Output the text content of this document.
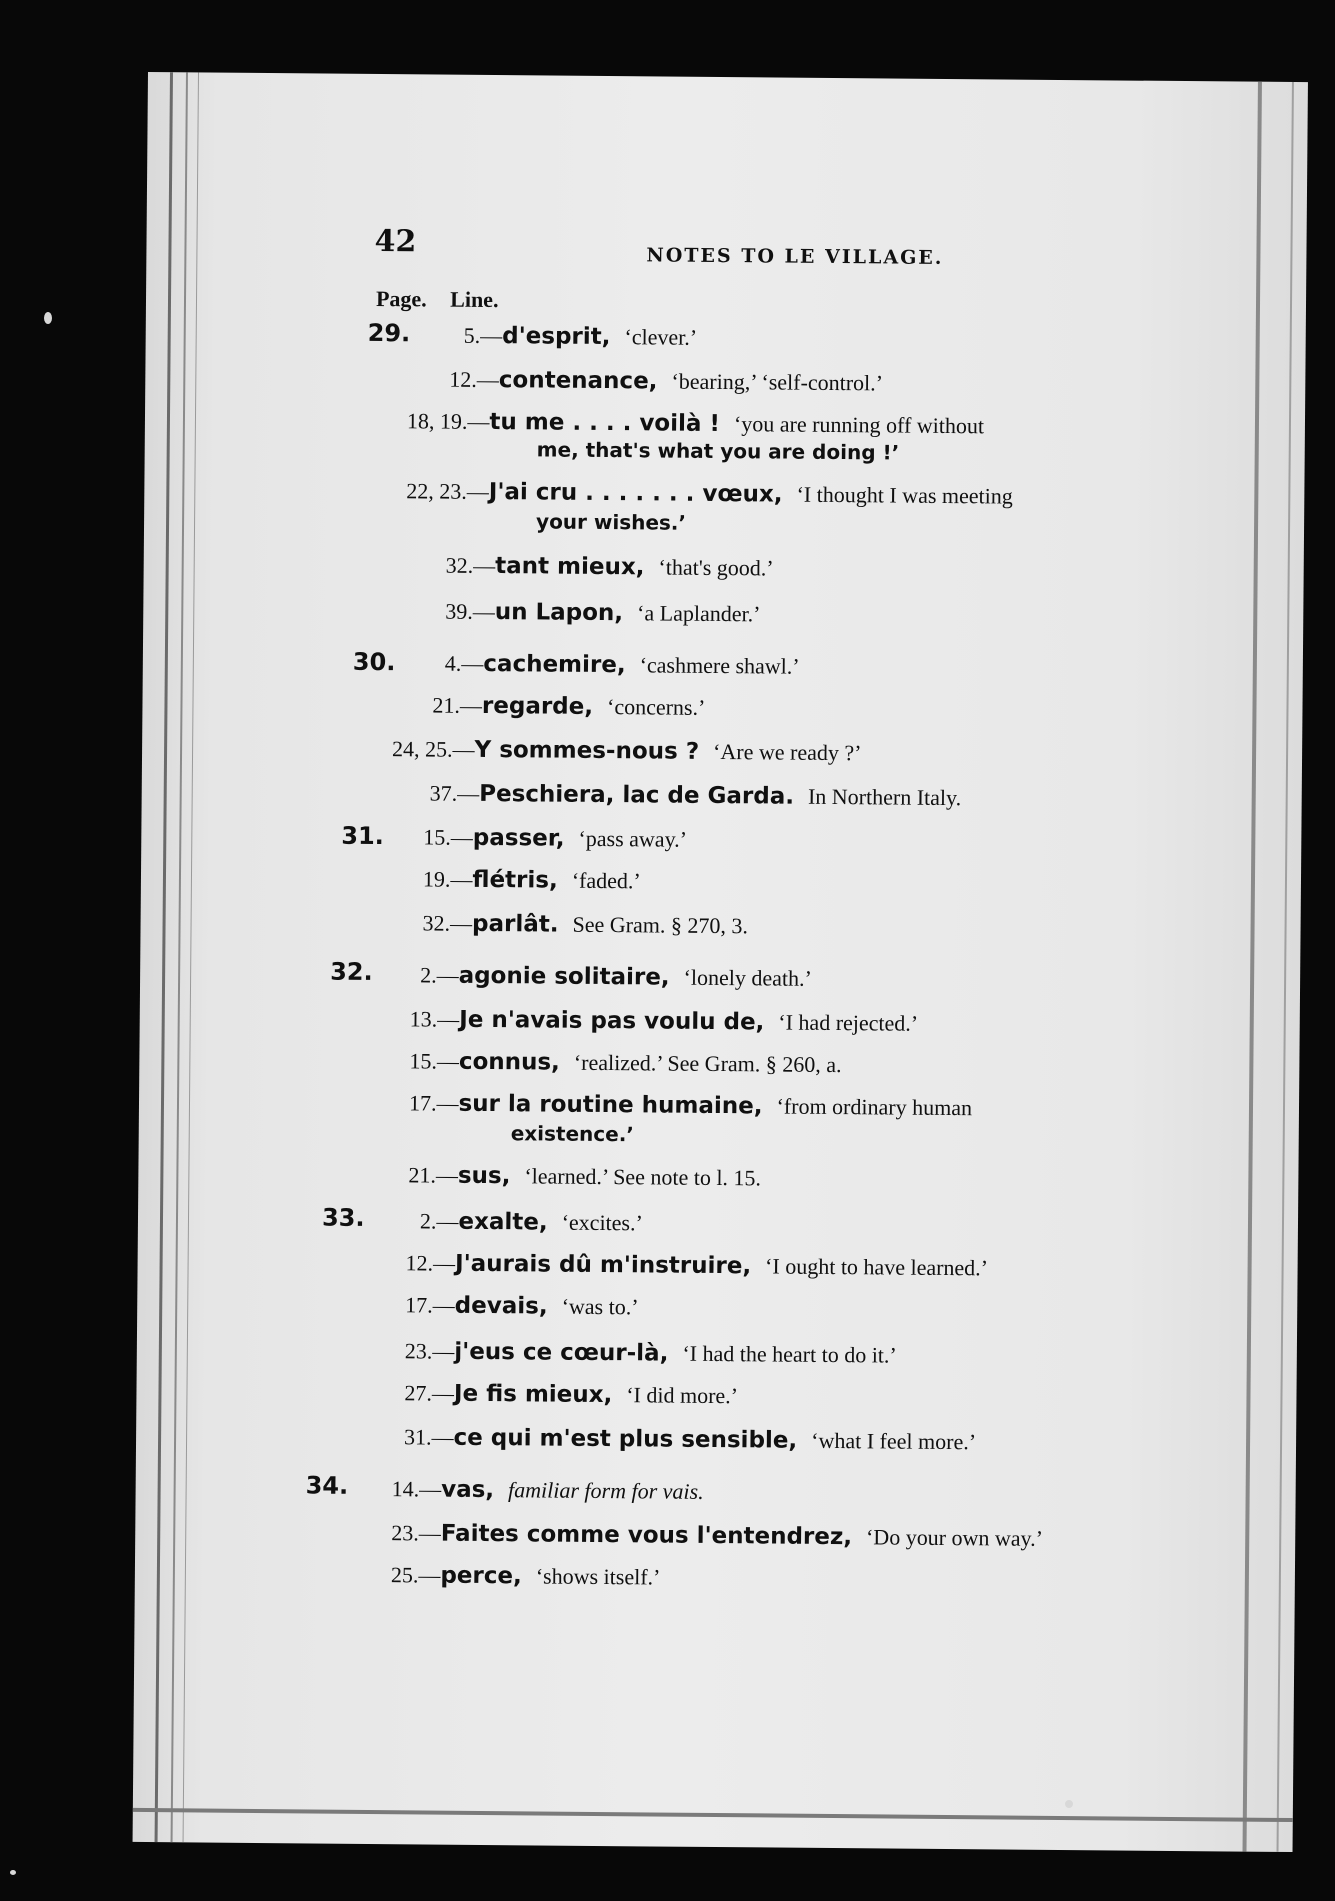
42	NOTES TO LE VILLAGE.
Page. Line.
29. 5.—d'esprit, ‘clever.’
12.—contenance, ‘bearing,’ ‘self-control.’
18, 19.—tu me . . . . voilà ! ‘you are running off without
me, that's what you are doing !’
22, 23.—J'ai cru . . . . . . . vœux, ‘I thought I was meeting
your wishes.’
32.—tant mieux, ‘that's good.’
39.—un Lapon, ‘a Laplander.’
30. 4.—cachemire, ‘cashmere shawl.’
21.—regarde, ‘concerns.’
24, 25.—Y sommes-nous ? ‘Are we ready ?’
37.—Peschiera, lac de Garda. In Northern Italy.
31. 15.—passer, ‘pass away.’
19.—flétris, ‘faded.’
32.—parlât. See Gram. § 270, 3.
32. 2.—agonie solitaire, ‘lonely death.’
13.—Je n'avais pas voulu de, ‘I had rejected.’
15.—connus, ‘realized.’ See Gram. § 260, a.
17.—sur la routine humaine, ‘from ordinary human
existence.’
21.—sus, ‘learned.’ See note to l. 15.
33.	2.—exalte, ‘excites.’
12.—J'aurais dû m'instruire, ‘I ought to have learned.’
17.—devais, ‘was to.’
23.—j'eus ce cœur-là, ‘I had the heart to do it.’
27.—Je fis mieux, ‘I did more.’
31.—ce qui m'est plus sensible, ‘what I feel more.’
34. 14.—vas, familiar form for vais.
23.—Faites comme vous l'entendrez, ‘Do your own way.’
25.—perce, ‘shows itself.’
